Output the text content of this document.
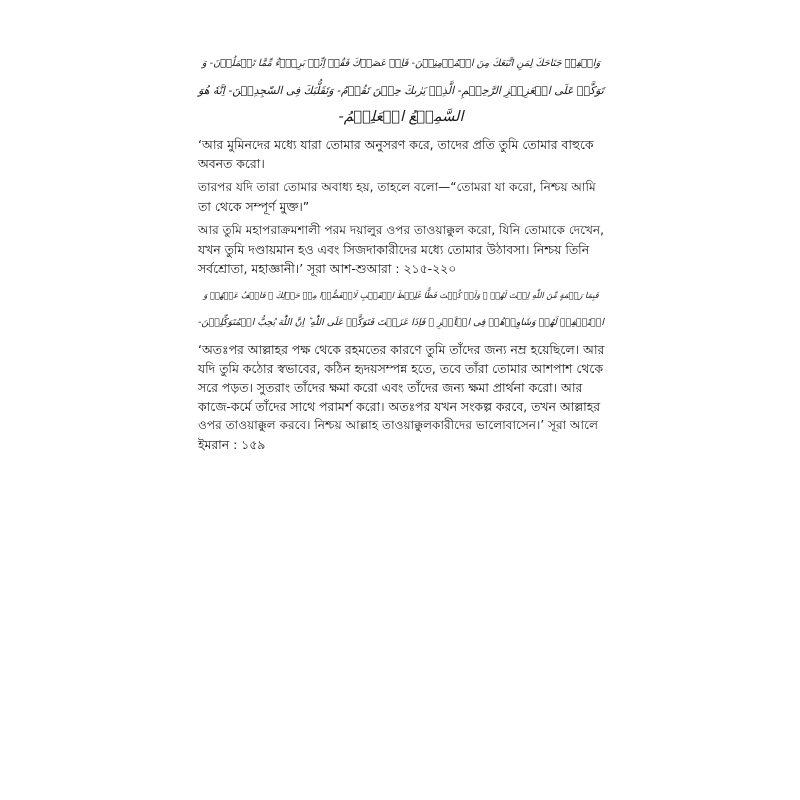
وَاخۡفِضۡ جَنَاحَكَ لِمَنِ اتَّبَعَكَ مِنَ الۡمُؤۡمِنِيۡنَ- فَاِنۡ عَصَوۡكَ فَقُلۡ اِنِّیۡ بَرِیۡٓءٌ مِّمَّا تَعۡمَلُوۡنَ- وَ
تَوَكَّلۡ عَلَی الۡعَزِيۡزِ الرَّحِيۡمِ- الَّذِیۡ يَرٰىكَ حِيۡنَ تَقُوۡمُ- وَتَقَلُّبَكَ فِی السّٰجِدِيۡنَ- اِنَّهٗ هُوَ
السَّمِيۡعُ الۡعَلِيۡمُ-
‘আর মুমিনদের মধ্যে যারা তোমার অনুসরণ করে, তাদের প্রতি তুমি তোমার বাহুকে
অবনত করো।
তারপর যদি তারা তোমার অবাধ্য হয়, তাহলে বলো—“তোমরা যা করো, নিশ্চয় আমি
তা থেকে সম্পূর্ণ মুক্ত।”
আর তুমি মহাপরাক্রমশালী পরম দয়ালুর ওপর তাওয়াক্কুল করো, যিনি তোমাকে দেখেন,
যখন তুমি দণ্ডায়মান হও এবং সিজদাকারীদের মধ্যে তোমার উঠাবসা। নিশ্চয় তিনি
সর্বশ্রোতা, মহাজ্ঞানী।’ সূরা আশ-শুআরা : ২১৫-২২০
فَبِمَا رَحۡمَةٍ مِّنَ اللّٰهِ لِنۡتَ لَهُمۡ ۚ وَلَوۡ كُنۡتَ فَظًّا غَلِيۡظَ الۡقَلۡبِ لَانۡفَضُّوۡا مِنۡ حَوۡلِكَ ۖ فَاعۡفُ عَنۡهُمۡ وَ
اسۡتَغۡفِرۡ لَهُمۡ وَشَاوِرۡهُمۡ فِی الۡاَمۡرِ ۚ فَاِذَا عَزَمۡتَ فَتَوَكَّلۡ عَلَی اللّٰهِ ؕ اِنَّ اللّٰهَ يُحِبُّ الۡمُتَوَكِّلِيۡنَ-
‘অতঃপর আল্লাহর পক্ষ থেকে রহমতের কারণে তুমি তাঁদের জন্য নম্র হয়েছিলে। আর
যদি তুমি কঠোর স্বভাবের, কঠিন হৃদয়সম্পন্ন হতে, তবে তাঁরা তোমার আশপাশ থেকে
সরে পড়ত। সুতরাং তাঁদের ক্ষমা করো এবং তাঁদের জন্য ক্ষমা প্রার্থনা করো। আর
কাজে-কর্মে তাঁদের সাথে পরামর্শ করো। অতঃপর যখন সংকল্প করবে, তখন আল্লাহর
ওপর তাওয়াক্কুল করবে। নিশ্চয় আল্লাহ তাওয়াক্কুলকারীদের ভালোবাসেন।’ সূরা আলে
ইমরান : ১৫৯
